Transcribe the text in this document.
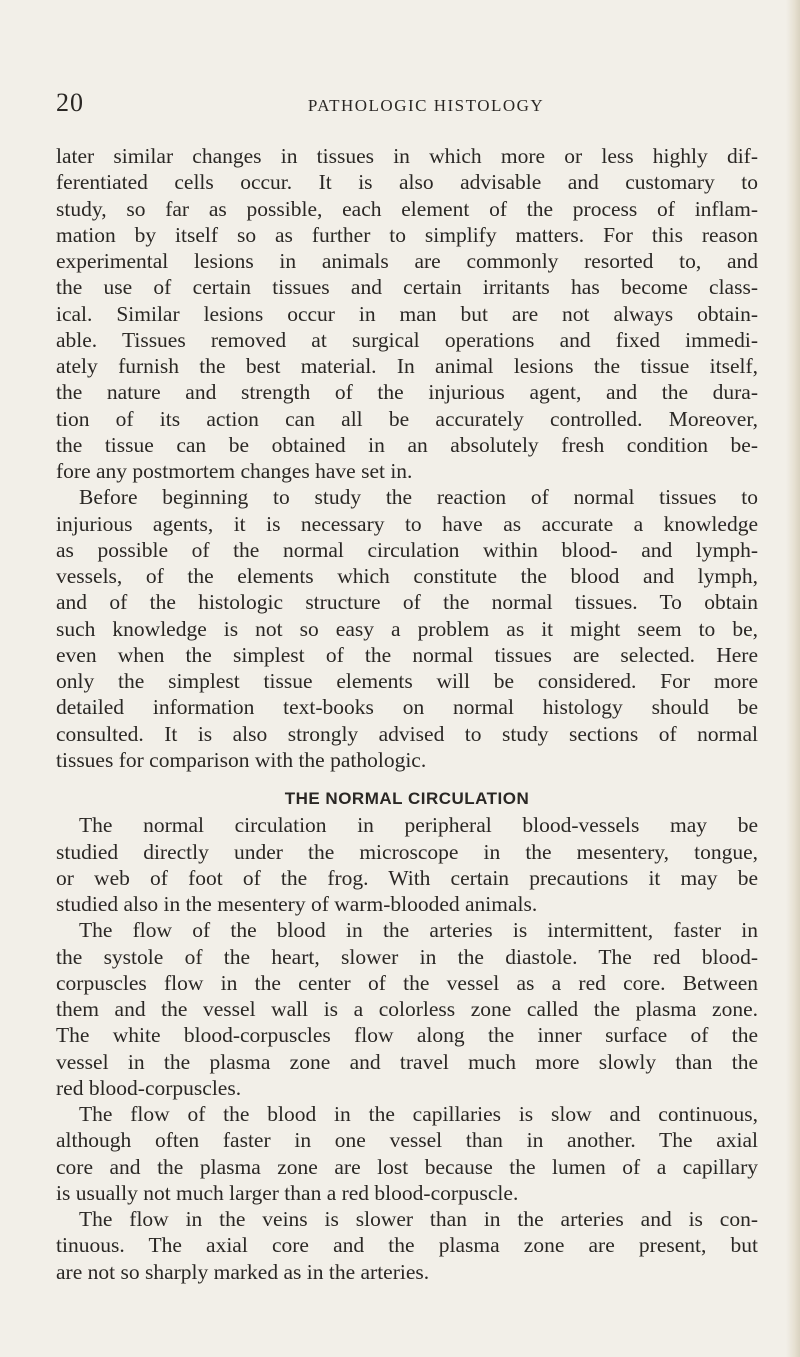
20	PATHOLOGIC HISTOLOGY
later similar changes in tissues in which more or less highly dif-
ferentiated cells occur. It is also advisable and customary to
study, so far as possible, each element of the process of inflam-
mation by itself so as further to simplify matters. For this reason
experimental lesions in animals are commonly resorted to, and
the use of certain tissues and certain irritants has become class-
ical. Similar lesions occur in man but are not always obtain-
able. Tissues removed at surgical operations and fixed immedi-
ately furnish the best material. In animal lesions the tissue itself,
the nature and strength of the injurious agent, and the dura-
tion of its action can all be accurately controlled. Moreover,
the tissue can be obtained in an absolutely fresh condition be-
fore any postmortem changes have set in.
Before beginning to study the reaction of normal tissues to
injurious agents, it is necessary to have as accurate a knowledge
as possible of the normal circulation within blood- and lymph-
vessels, of the elements which constitute the blood and lymph,
and of the histologic structure of the normal tissues. To obtain
such knowledge is not so easy a problem as it might seem to be,
even when the simplest of the normal tissues are selected. Here
only the simplest tissue elements will be considered. For more
detailed information text-books on normal histology should be
consulted. It is also strongly advised to study sections of normal
tissues for comparison with the pathologic.
THE NORMAL CIRCULATION
The normal circulation in peripheral blood-vessels may be
studied directly under the microscope in the mesentery, tongue,
or web of foot of the frog. With certain precautions it may be
studied also in the mesentery of warm-blooded animals.
The flow of the blood in the arteries is intermittent, faster in
the systole of the heart, slower in the diastole. The red blood-
corpuscles flow in the center of the vessel as a red core. Between
them and the vessel wall is a colorless zone called the plasma zone.
The white blood-corpuscles flow along the inner surface of the
vessel in the plasma zone and travel much more slowly than the
red blood-corpuscles.
The flow of the blood in the capillaries is slow and continuous,
although often faster in one vessel than in another. The axial
core and the plasma zone are lost because the lumen of a capillary
is usually not much larger than a red blood-corpuscle.
The flow in the veins is slower than in the arteries and is con-
tinuous. The axial core and the plasma zone are present, but
are not so sharply marked as in the arteries.
